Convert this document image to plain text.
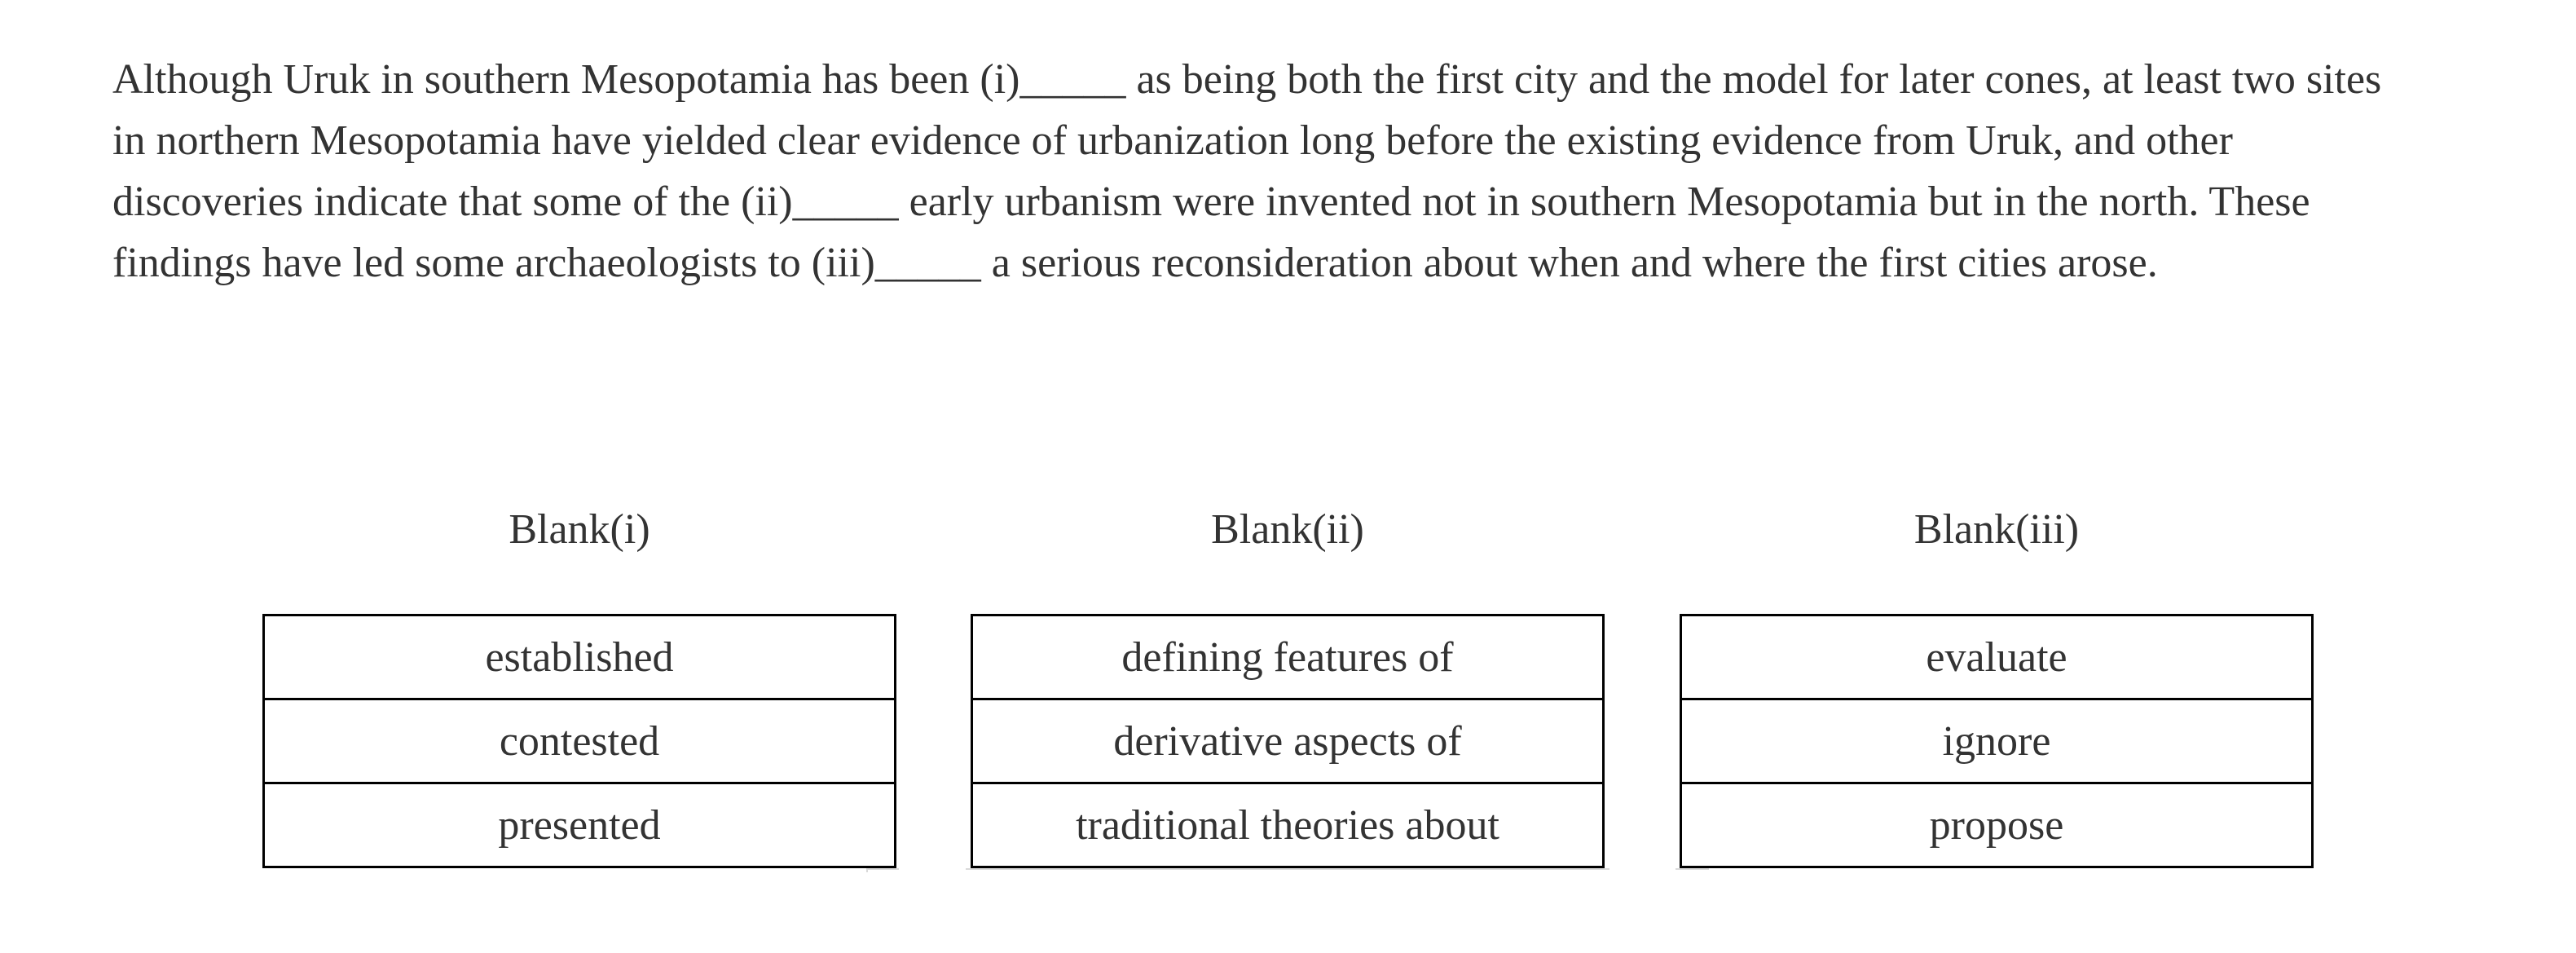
Although Uruk in southern Mesopotamia has been (i)_____ as being both the first city and the model for later cones, at least two sites
in northern Mesopotamia have yielded clear evidence of urbanization long before the existing evidence from Uruk, and other
discoveries indicate that some of the (ii)_____ early urbanism were invented not in southern Mesopotamia but in the north. These
findings have led some archaeologists to (iii)_____ a serious reconsideration about when and where the first cities arose.

Blank(i)
established
contested
presented
Blank(ii)
defining features of
derivative aspects of
traditional theories about
Blank(iii)
evaluate
ignore
propose
